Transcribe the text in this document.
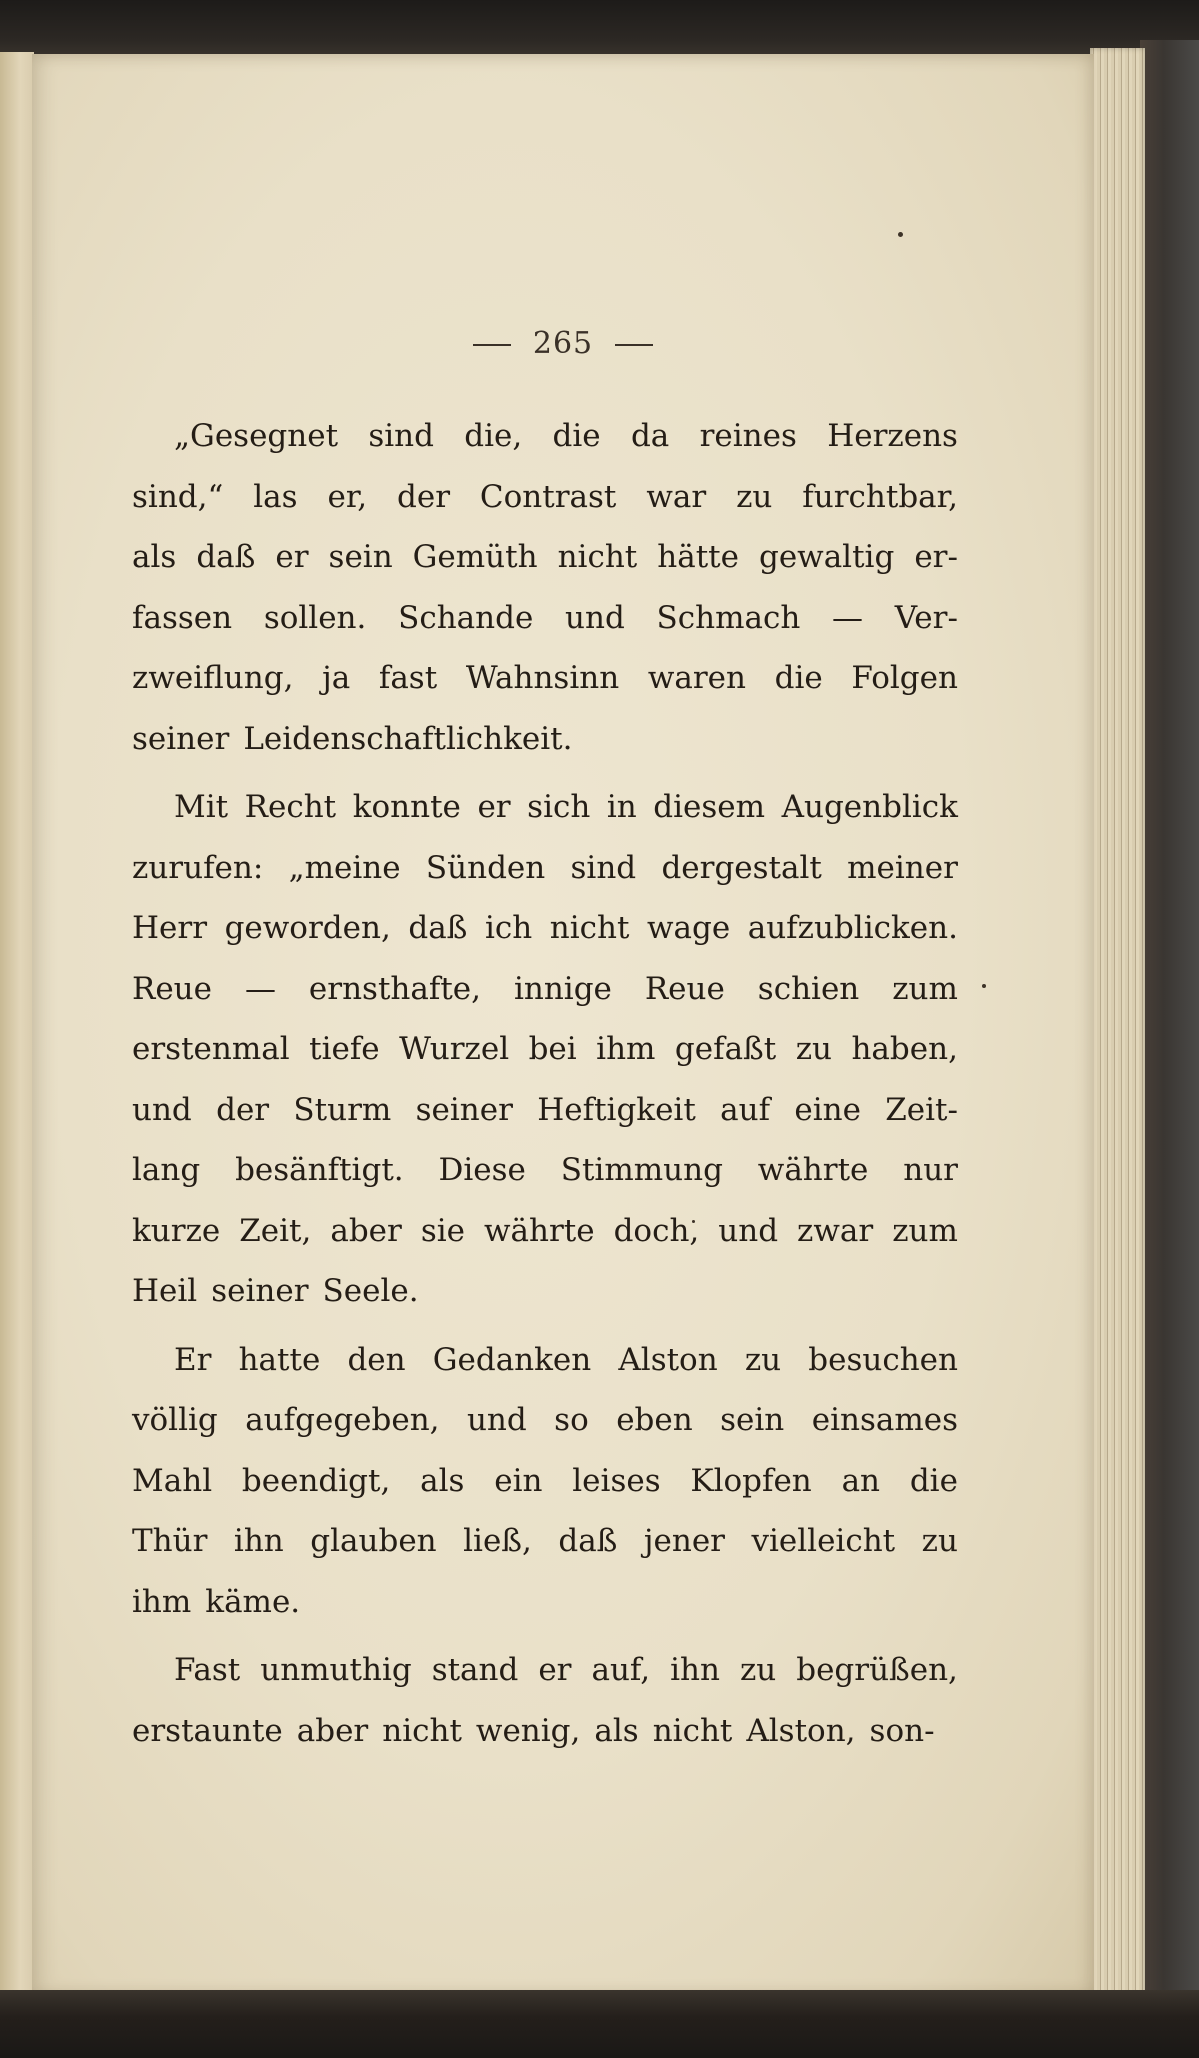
265
„Gesegnet sind die, die da reines Herzens
sind,“ las er, der Contrast war zu furchtbar,
als daß er sein Gemüth nicht hätte gewaltig er-
fassen sollen. Schande und Schmach — Ver-
zweiflung, ja fast Wahnsinn waren die Folgen
seiner Leidenschaftlichkeit.
Mit Recht konnte er sich in diesem Augenblick
zurufen: „meine Sünden sind dergestalt meiner
Herr geworden, daß ich nicht wage aufzublicken.
Reue — ernsthafte, innige Reue schien zum
erstenmal tiefe Wurzel bei ihm gefaßt zu haben,
und der Sturm seiner Heftigkeit auf eine Zeit-
lang besänftigt. Diese Stimmung währte nur
kurze Zeit, aber sie währte doch, und zwar zum
Heil seiner Seele.
Er hatte den Gedanken Alston zu besuchen
völlig aufgegeben, und so eben sein einsames
Mahl beendigt, als ein leises Klopfen an die
Thür ihn glauben ließ, daß jener vielleicht zu
ihm käme.
Fast unmuthig stand er auf, ihn zu begrüßen,
erstaunte aber nicht wenig, als nicht Alston, son-
